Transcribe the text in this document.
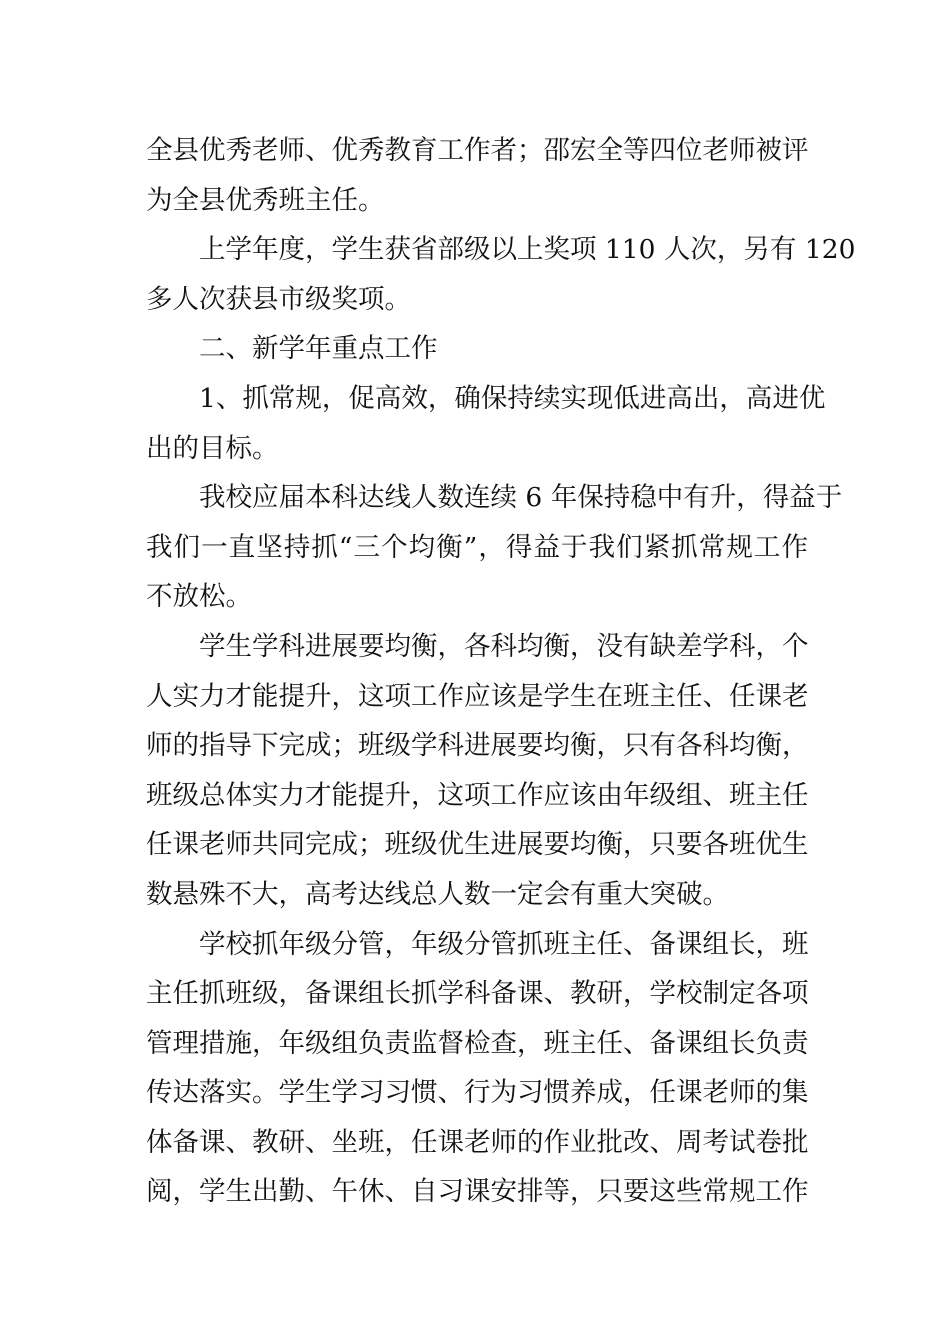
全县优秀老师、优秀教育工作者；邵宏全等四位老师被评
为全县优秀班主任。
上学年度，学生获省部级以上奖项 110 人次，另有 120
多人次获县市级奖项。
二、新学年重点工作
1、抓常规，促高效，确保持续实现低进高出，高进优
出的目标。
我校应届本科达线人数连续 6 年保持稳中有升，得益于
我们一直坚持抓“三个均衡”，得益于我们紧抓常规工作
不放松。
学生学科进展要均衡，各科均衡，没有缺差学科，个
人实力才能提升，这项工作应该是学生在班主任、任课老
师的指导下完成；班级学科进展要均衡，只有各科均衡，
班级总体实力才能提升，这项工作应该由年级组、班主任
任课老师共同完成；班级优生进展要均衡，只要各班优生
数悬殊不大，高考达线总人数一定会有重大突破。
学校抓年级分管，年级分管抓班主任、备课组长，班
主任抓班级，备课组长抓学科备课、教研，学校制定各项
管理措施，年级组负责监督检查，班主任、备课组长负责
传达落实。学生学习习惯、行为习惯养成，任课老师的集
体备课、教研、坐班，任课老师的作业批改、周考试卷批
阅，学生出勤、午休、自习课安排等，只要这些常规工作
